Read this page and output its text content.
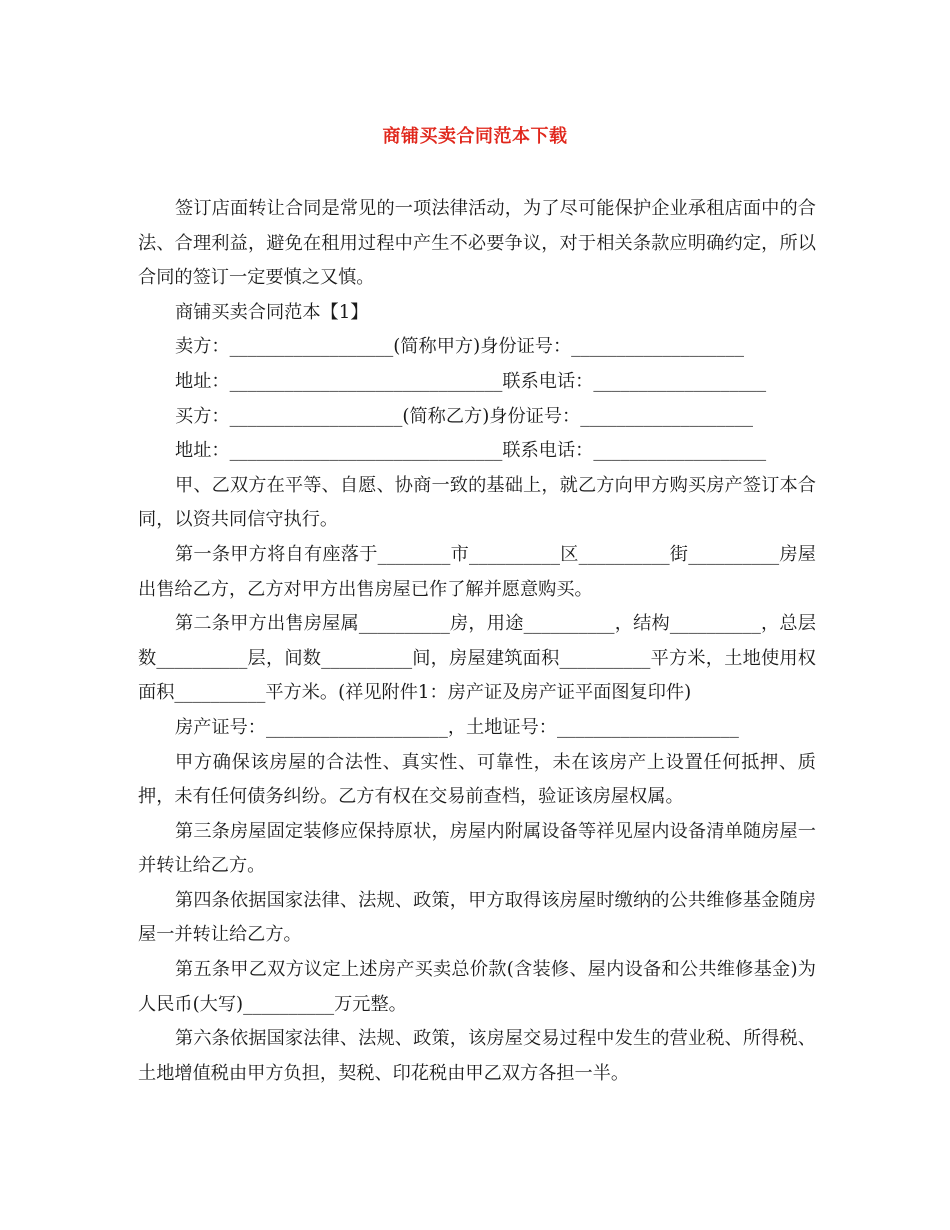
商铺买卖合同范本下载

签订店面转让合同是常见的一项法律活动，为了尽可能保护企业承租店面中的合法、合理利益，避免在租用过程中产生不必要争议，对于相关条款应明确约定，所以合同的签订一定要慎之又慎。

商铺买卖合同范本【1】

卖方：__________________(简称甲方)身份证号：___________________

地址：______________________________联系电话：___________________

买方：___________________(简称乙方)身份证号：___________________

地址：______________________________联系电话：___________________

甲、乙双方在平等、自愿、协商一致的基础上，就乙方向甲方购买房产签订本合同，以资共同信守执行。

第一条甲方将自有座落于________市__________区__________街__________房屋出售给乙方，乙方对甲方出售房屋已作了解并愿意购买。

第二条甲方出售房屋属__________房，用途__________，结构__________，总层数__________层，间数__________间，房屋建筑面积__________平方米，土地使用权面积__________平方米。(祥见附件1：房产证及房产证平面图复印件)

房产证号：____________________，土地证号：____________________

甲方确保该房屋的合法性、真实性、可靠性，未在该房产上设置任何抵押、质押，未有任何债务纠纷。乙方有权在交易前查档，验证该房屋权属。

第三条房屋固定装修应保持原状，房屋内附属设备等祥见屋内设备清单随房屋一并转让给乙方。

第四条依据国家法律、法规、政策，甲方取得该房屋时缴纳的公共维修基金随房屋一并转让给乙方。

第五条甲乙双方议定上述房产买卖总价款(含装修、屋内设备和公共维修基金)为人民币(大写)__________万元整。

第六条依据国家法律、法规、政策，该房屋交易过程中发生的营业税、所得税、土地增值税由甲方负担，契税、印花税由甲乙双方各担一半。
